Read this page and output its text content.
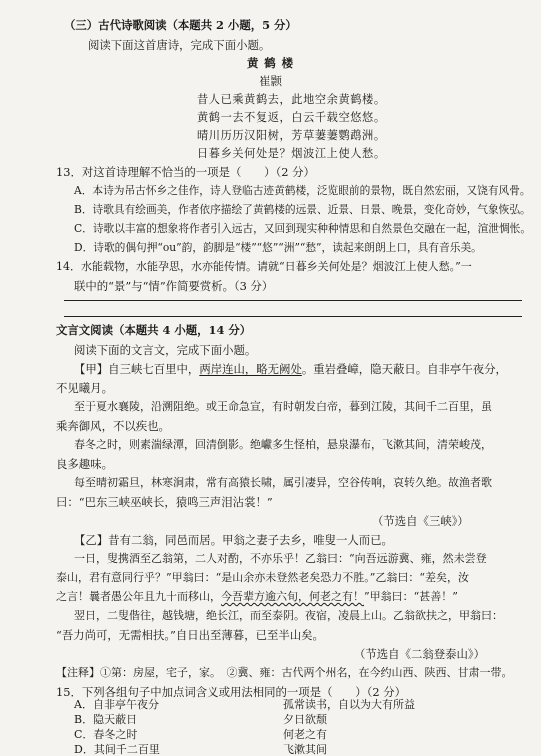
（三）古代诗歌阅读（本题共 2 小题，5 分）
阅读下面这首唐诗，完成下面小题。
黄 鹤 楼
崔颢
昔人已乘黄鹤去，此地空余黄鹤楼。
黄鹤一去不复返，白云千载空悠悠。
晴川历历汉阳树，芳草萋萋鹦鹉洲。
日暮乡关何处是？烟波江上使人愁。
13．对这首诗理解不恰当的一项是（　　）（2 分）
A．本诗为吊古怀乡之佳作，诗人登临古迹黄鹤楼，泛览眼前的景物，既自然宏丽，又饶有风骨。
B．诗歌具有绘画美，作者依序描绘了黄鹤楼的远景、近景、日景、晚景，变化奇妙，气象恢弘。
C．诗歌以丰富的想象将作者引入远古，又回到现实种种情思和自然景色交融在一起，渲泄惆怅。
D．诗歌的偶句押“ou”韵，韵脚是“楼”“悠”“洲”“愁”，读起来朗朗上口，具有音乐美。
14．水能载物，水能孕思，水亦能传情。请就“日暮乡关何处是？烟波江上使人愁。”一
联中的“景”与“情”作简要赏析。（3 分）
文言文阅读（本题共 4 小题，14 分）
阅读下面的文言文，完成下面小题。
【甲】自三峡七百里中，两岸连山，略无阙处。重岩叠嶂，隐天蔽日。自非亭午夜分，
不见曦月。
至于夏水襄陵，沿溯阻绝。或王命急宣，有时朝发白帝，暮到江陵，其间千二百里，虽
乘奔御风，不以疾也。
春冬之时，则素湍绿潭，回清倒影。绝巘多生怪柏，悬泉瀑布，飞漱其间，清荣峻茂，
良多趣味。
每至晴初霜旦，林寒涧肃，常有高猿长啸，属引凄异，空谷传响，哀转久绝。故渔者歌
曰：“巴东三峡巫峡长，猿鸣三声泪沾裳！”
（节选自《三峡》）
【乙】昔有二翁，同邑而居。甲翁之妻子去乡，唯叟一人而已。
一日，叟携酒至乙翁第，二人对酌，不亦乐乎！乙翁曰：“向吾远游冀、雍，然未尝登
泰山，君有意同行乎？”甲翁曰：“是山余亦未登然老矣恐力不胜。”乙翁曰：“差矣，汝
之言！曩者愚公年且九十而移山，今吾辈方逾六旬，何老之有！”甲翁曰：“甚善！”
翌日，二叟偕往，越钱塘，绝长江，而至泰阴。夜宿，凌晨上山。乙翁欲扶之，甲翁曰：
“吾力尚可，无需相扶。”自日出至薄暮，已至半山矣。
（节选自《二翁登泰山》）
【注释】①第：房屋，宅子，家。　②冀、雍：古代两个州名，在今约山西、陕西、甘肃一带。
15．下列各组句子中加点词含义或用法相同的一项是（　　）（2 分）
A．自非亭午夜分	孤常读书，自以为大有所益
B．隐天蔽日	夕日欲颓
C．春冬之时	何老之有
D．其间千二百里	飞漱其间
